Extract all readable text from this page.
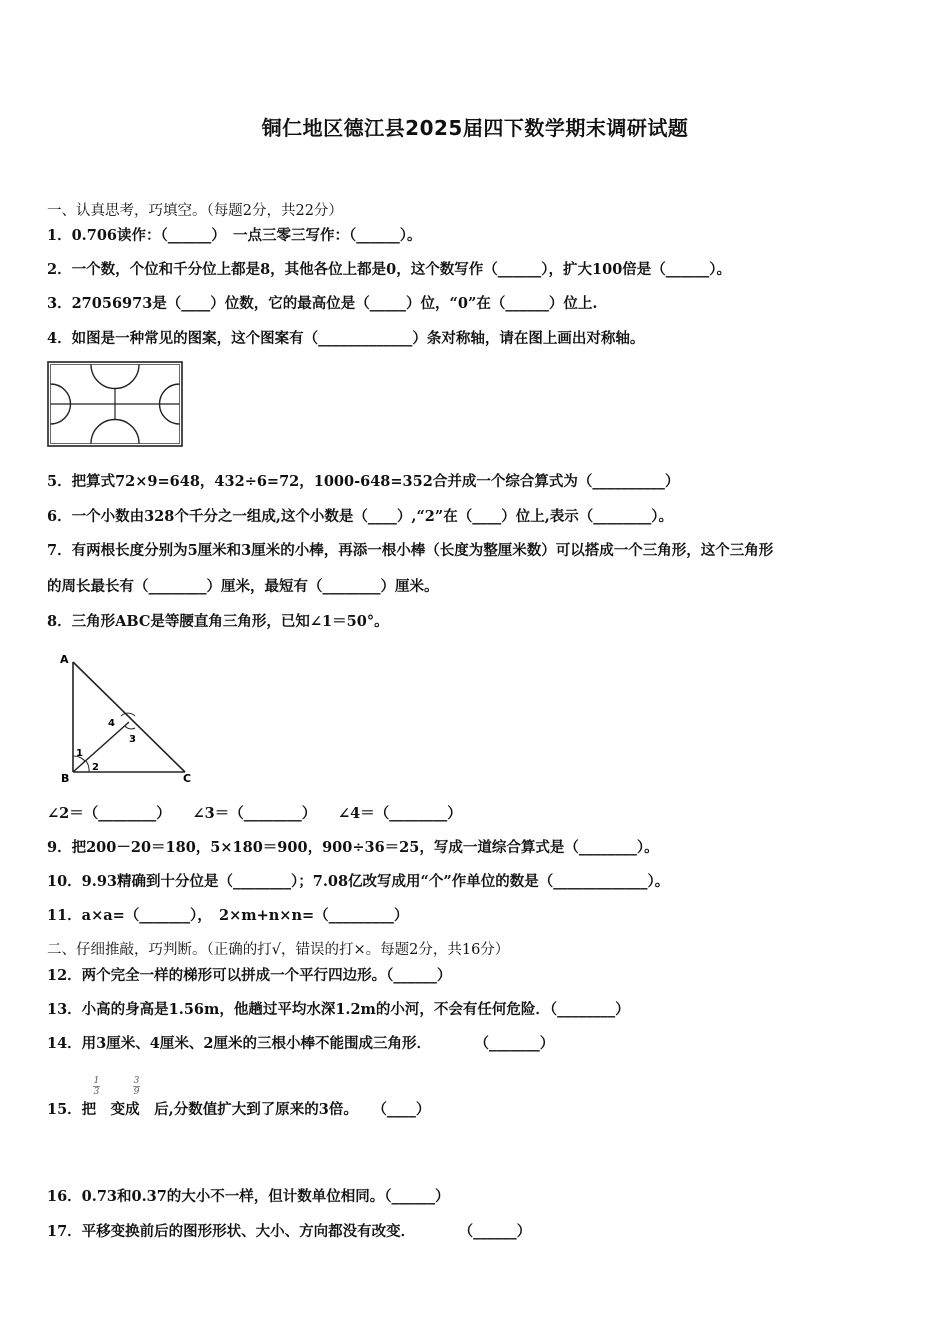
铜仁地区德江县2025届四下数学期末调研试题
一、认真思考，巧填空。（每题2分，共22分）
1．0.706读作：（______）　一点三零三写作：（______）。
2．一个数，个位和千分位上都是8，其他各位上都是0，这个数写作（______），扩大100倍是（______）。
3．27056973是（____）位数，它的最高位是（_____）位，“0”在（______）位上.
4．如图是一种常见的图案，这个图案有（_____________）条对称轴，请在图上画出对称轴。
5．把算式72×9=648，432÷6=72，1000-648=352合并成一个综合算式为（__________）
6．一个小数由328个千分之一组成,这个小数是（____）,“2”在（____）位上,表示（________）。
7．有两根长度分别为5厘米和3厘米的小棒，再添一根小棒（长度为整厘米数）可以搭成一个三角形，这个三角形
的周长最长有（________）厘米，最短有（________）厘米。
8．三角形ABC是等腰直角三角形，已知∠1＝50°。
A
B	C
1
2
3
4
∠2＝（________）　　∠3＝（________）　　∠4＝（________）
9．把200－20＝180，5×180＝900，900÷36＝25，写成一道综合算式是（________）。
10．9.93精确到十分位是（________）；7.08亿改写成用“个”作单位的数是（_____________）。
11．a×a=（_______），　2×m+n×n=（_________）
二、仔细推敲，巧判断。（正确的打√，错误的打×。每题2分，共16分）
12．两个完全一样的梯形可以拼成一个平行四边形。（______）
13．小高的身高是1.56m，他趟过平均水深1.2m的小河，不会有任何危险．（________）
14．用3厘米、4厘米、2厘米的三根小棒不能围成三角形．　　　　（_______）
1
3
3
9
15．把　变成　后,分数值扩大到了原来的3倍。　　（____）
16．0.73和0.37的大小不一样，但计数单位相同。（______）
17．平移变换前后的图形形状、大小、方向都没有改变．　　　　（______）
